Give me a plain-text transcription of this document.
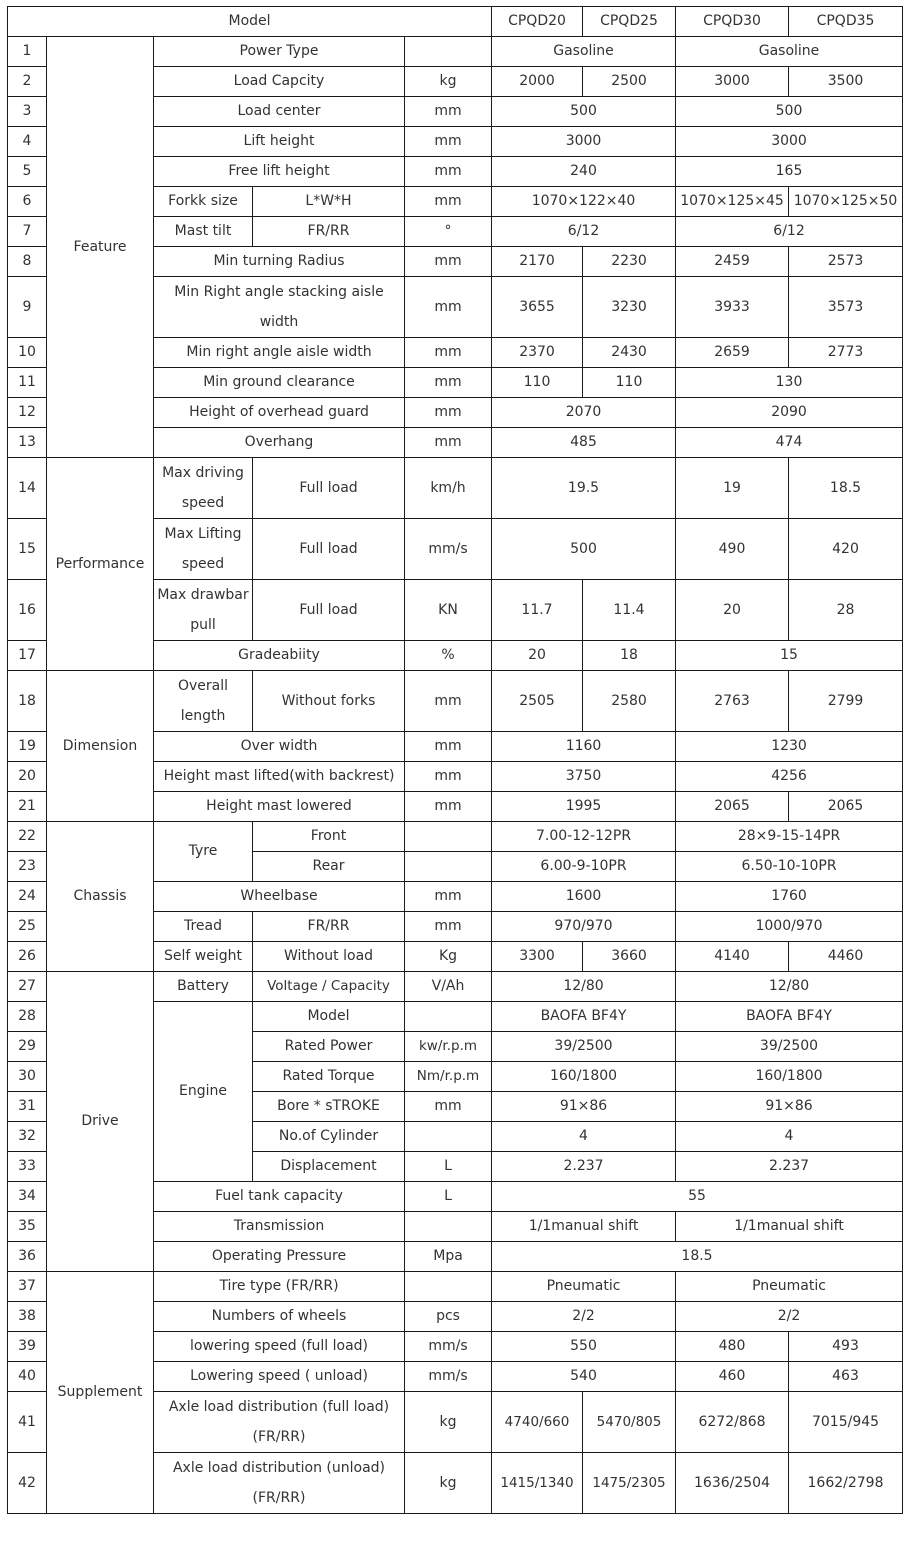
Model					CPQD20	CPQD25	CPQD30	CPQD35
1	Feature	Power Type			Gasoline		Gasoline	
2		Load Capcity		kg	2000	2500	3000	3500
3		Load center		mm	500		500	
4		Lift height		mm	3000		3000	
5		Free lift height		mm	240		165	
6		Forkk size	L*W*H	mm	1070×122×40		1070×125×45	1070×125×50
7		Mast tilt	FR/RR	°	6/12		6/12	
8		Min turning Radius		mm	2170	2230	2459	2573
9		Min Right angle stacking aisle width		mm	3655	3230	3933	3573
10		Min right angle aisle width		mm	2370	2430	2659	2773
11		Min ground clearance		mm	110	110	130	
12		Height of overhead guard		mm	2070		2090	
13		Overhang		mm	485		474	
14	Performance	Max driving speed	Full load	km/h	19.5		19	18.5
15		Max Lifting speed	Full load	mm/s	500		490	420
16		Max drawbar pull	Full load	KN	11.7	11.4	20	28
17		Gradeabiity		%	20	18	15	
18	Dimension	Overall length	Without forks	mm	2505	2580	2763	2799
19		Over width		mm	1160		1230	
20		Height mast lifted(with backrest)		mm	3750		4256	
21		Height mast lowered		mm	1995		2065	2065
22	Chassis	Tyre	Front		7.00-12-12PR		28×9-15-14PR	
23			Rear		6.00-9-10PR		6.50-10-10PR	
24		Wheelbase		mm	1600		1760	
25		Tread	FR/RR	mm	970/970		1000/970	
26		Self weight	Without load	Kg	3300	3660	4140	4460
27	Drive	Battery	Voltage / Capacity	V/Ah	12/80		12/80	
28		Engine	Model		BAOFA BF4Y		BAOFA BF4Y	
29			Rated Power	kw/r.p.m	39/2500		39/2500	
30			Rated Torque	Nm/r.p.m	160/1800		160/1800	
31			Bore * sTROKE	mm	91×86		91×86	
32			No.of Cylinder		4		4	
33			Displacement	L	2.237		2.237	
34		Fuel tank capacity		L	55			
35		Transmission			1/1manual shift		1/1manual shift	
36		Operating Pressure		Mpa	18.5			
37	Supplement	Tire type (FR/RR)			Pneumatic		Pneumatic	
38		Numbers of wheels		pcs	2/2		2/2	
39		lowering speed (full load)		mm/s	550		480	493
40		Lowering speed ( unload)		mm/s	540		460	463
41		Axle load distribution (full load) (FR/RR)		kg	4740/660	5470/805	6272/868	7015/945
42		Axle load distribution (unload) (FR/RR)		kg	1415/1340	1475/2305	1636/2504	1662/2798
